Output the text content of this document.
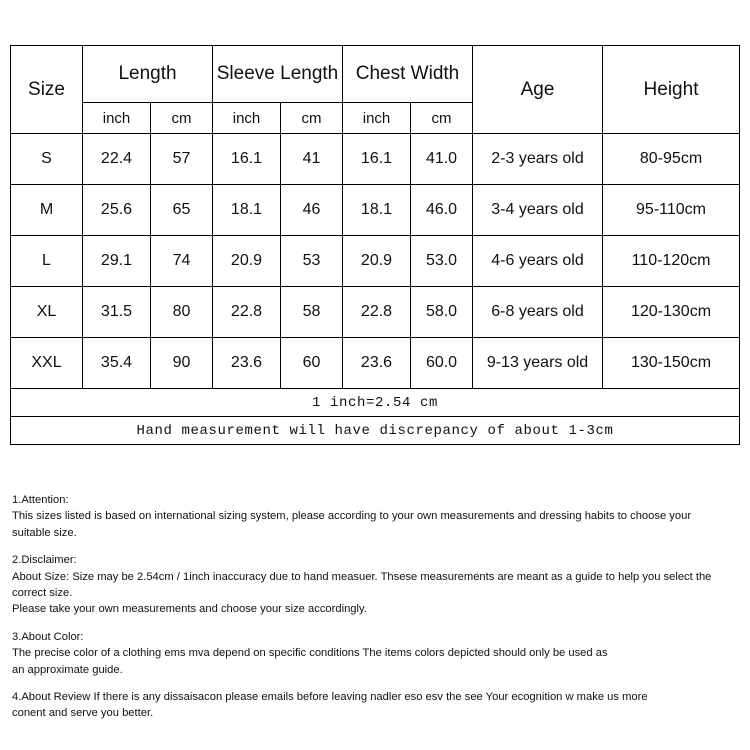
Size	Length		Sleeve Length		Chest Width		Age	Height
	inch	cm	inch	cm	inch	cm		
S	22.4	57	16.1	41	16.1	41.0	2-3 years old	80-95cm
M	25.6	65	18.1	46	18.1	46.0	3-4 years old	95-110cm
L	29.1	74	20.9	53	20.9	53.0	4-6 years old	110-120cm
XL	31.5	80	22.8	58	22.8	58.0	6-8 years old	120-130cm
XXL	35.4	90	23.6	60	23.6	60.0	9-13 years old	130-150cm
1 inch=2.54 cm								
Hand measurement will have discrepancy of about 1-3cm								
1.Attention:
This sizes listed is based on international sizing system, please according to your own measurements and dressing habits to choose your suitable size.
2.Disclaimer:
About Size: Size may be 2.54cm / 1inch inaccuracy due to hand measuer. Thsese measurements are meant as a guide to help you select the correct size.
Please take your own measurements and choose your size accordingly.
3.About Color:
The precise color of a clothing ems mva depend on specific conditions The items colors depicted should only be used as
an approximate guide.
4.About Review If there is any dissaisacon please emails before leaving nadler eso esv the see Your ecognition w make us more
conent and serve you better.
